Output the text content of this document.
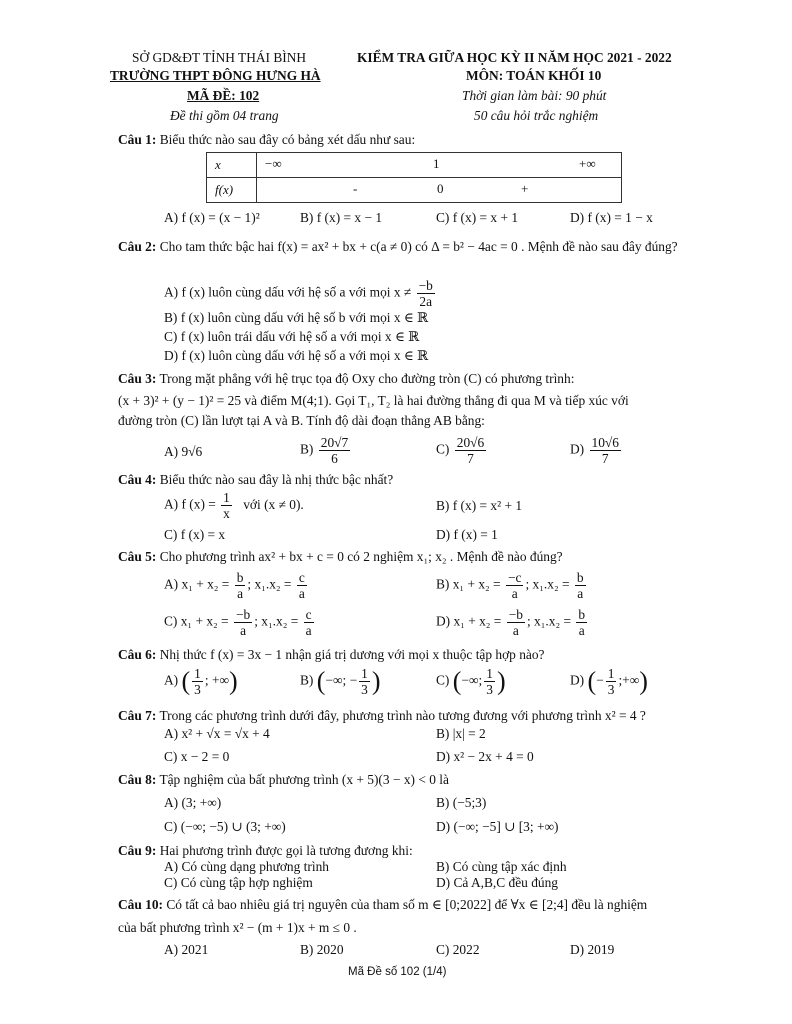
SỞ GD&ĐT TỈNH THÁI BÌNH
TRƯỜNG THPT ĐÔNG HƯNG HÀ
MÃ ĐỀ: 102
Đề thi gồm 04 trang
KIỂM TRA GIỮA HỌC KỲ II NĂM HỌC 2021 - 2022
MÔN: TOÁN KHỐI 10
Thời gian làm bài: 90 phút
50 câu hỏi trắc nghiệm
Câu 1: Biểu thức nào sau đây có bảng xét dấu như sau:
x	−∞ 1 +∞

f(x)	- 0 +
A) f (x) = (x − 1)²	B) f (x) = x − 1	C) f (x) = x + 1	D) f (x) = 1 − x
Câu 2: Cho tam thức bậc hai f(x) = ax² + bx + c(a ≠ 0) có Δ = b² − 4ac = 0 . Mệnh đề nào sau đây đúng?
A) f (x) luôn cùng dấu với hệ số a với mọi $x \ne \frac{-b}{2a}$
B) f (x) luôn cùng dấu với hệ số b với mọi x ∈ ℝ
C) f (x) luôn trái dấu với hệ số a với mọi x ∈ ℝ
D) f (x) luôn cùng dấu với hệ số a với mọi x ∈ ℝ
Câu 3: Trong mặt phẳng với hệ trục tọa độ Oxy cho đường tròn (C) có phương trình:
(x + 3)² + (y − 1)² = 25 và điểm M(4;1). Gọi T₁, T₂ là hai đường thẳng đi qua M và tiếp xúc với
đường tròn (C) lần lượt tại A và B. Tính độ dài đoạn thẳng AB bằng:
A) 9√6	$B) \frac{20√7}{6}$	$C) \frac{20√6}{7}$	$D) \frac{10√6}{7}$
Câu 4: Biểu thức nào sau đây là nhị thức bậc nhất?
A) f $(x) = \frac{1}{x}$ với (x ≠ 0).	B) f (x) = x² + 1
C) f (x) = x	D) f (x) = 1
Câu 5: Cho phương trình ax² + bx + c = 0 có 2 nghiệm x₁; x₂ . Mệnh đề nào đúng?
A) $x_1 + x_2 = \frac{b}{a}$ ; $x_1.x_2 = \frac{c}{a}$	B) $x_1 + x_2 = \frac{-c}{a}$ ; $x_1.x_2 = \frac{b}{a}$
C) $x_1 + x_2 = \frac{-b}{a}$ ; $x_1.x_2 = \frac{c}{a}$	D) $x_1 + x_2 = \frac{-b}{a}$ ; $x_1.x_2 = \frac{b}{a}$
Câu 6: Nhị thức f (x) = 3x − 1 nhận giá trị dương với mọi x thuộc tập hợp nào?
A) ( $\frac{1}{3}$ ; +∞)	B) (−∞; − $\frac{1}{3}$ )	C) (−∞; $\frac{1}{3}$ )	D) (− $\frac{1}{3}$ ;+∞)
Câu 7: Trong các phương trình dưới đây, phương trình nào tương đương với phương trình x² = 4 ?
A) x² + √x = √x + 4	B) |x| = 2
C) x − 2 = 0	D) x² − 2x + 4 = 0
Câu 8: Tập nghiệm của bất phương trình (x + 5)(3 − x) < 0 là
A) (3; +∞)	B) (−5;3)
C) (−∞; −5) ∪ (3; +∞)	D) (−∞; −5] ∪ [3; +∞)
Câu 9: Hai phương trình được gọi là tương đương khi:
A) Có cùng dạng phương trình	B) Có cùng tập xác định
C) Có cùng tập hợp nghiệm	D) Cả A,B,C đều đúng
Câu 10: Có tất cả bao nhiêu giá trị nguyên của tham số m ∈ [0;2022] để ∀x ∈ [2;4] đều là nghiệm
của bất phương trình x² − (m + 1)x + m ≤ 0 .
A) 2021	B) 2020	C) 2022	D) 2019
Mã Đề số 102 (1/4)
